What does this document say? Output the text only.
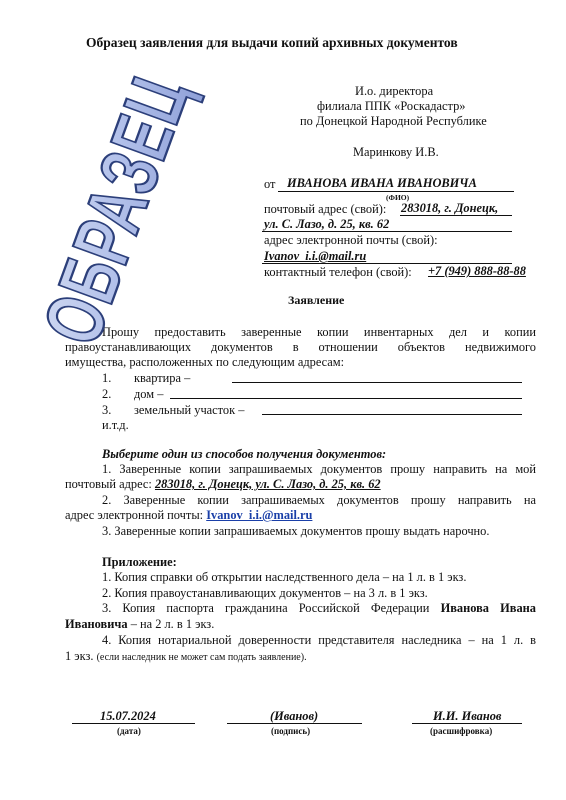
Образец заявления для выдачи копий архивных документов
И.о. директора
филиала ППК «Роскадастр»
по Донецкой Народной Республике
Маринкову И.В.
от ИВАНОВА ИВАНА ИВАНОВИЧА
(ФИО)
почтовый адрес (свой): 283018, г. Донецк,
ул. С. Лазо, д. 25, кв. 62
адрес электронной почты (свой):
Ivanov_i.i.@mail.ru
контактный телефон (свой): +7 (949) 888-88-88
Заявление
Прошу предоставить заверенные копии инвентарных дел и копии
правоустанавливающих документов в отношении объектов недвижимого
имущества, расположенных по следующим адресам:
1. квартира –
2. дом –
3. земельный участок –
и.т.д.
Выберите один из способов получения документов:
1. Заверенные копии запрашиваемых документов прошу направить на мой
почтовый адрес: 283018, г. Донецк, ул. С. Лазо, д. 25, кв. 62
2. Заверенные копии запрашиваемых документов прошу направить на
адрес электронной почты: Ivanov_i.i.@mail.ru
3. Заверенные копии запрашиваемых документов прошу выдать нарочно.
Приложение:
1. Копия справки об открытии наследственного дела – на 1 л. в 1 экз.
2. Копия правоустанавливающих документов – на 3 л. в 1 экз.
3. Копия паспорта гражданина Российской Федерации Иванова Ивана
Ивановича – на 2 л. в 1 экз.
4. Копия нотариальной доверенности представителя наследника – на 1 л. в
1 экз. (если наследник не может сам подать заявление).
15.07.2024
(дата)
(Иванов)
(подпись)
И.И. Иванов
(расшифровка)
ОБРАЗЕЦ
